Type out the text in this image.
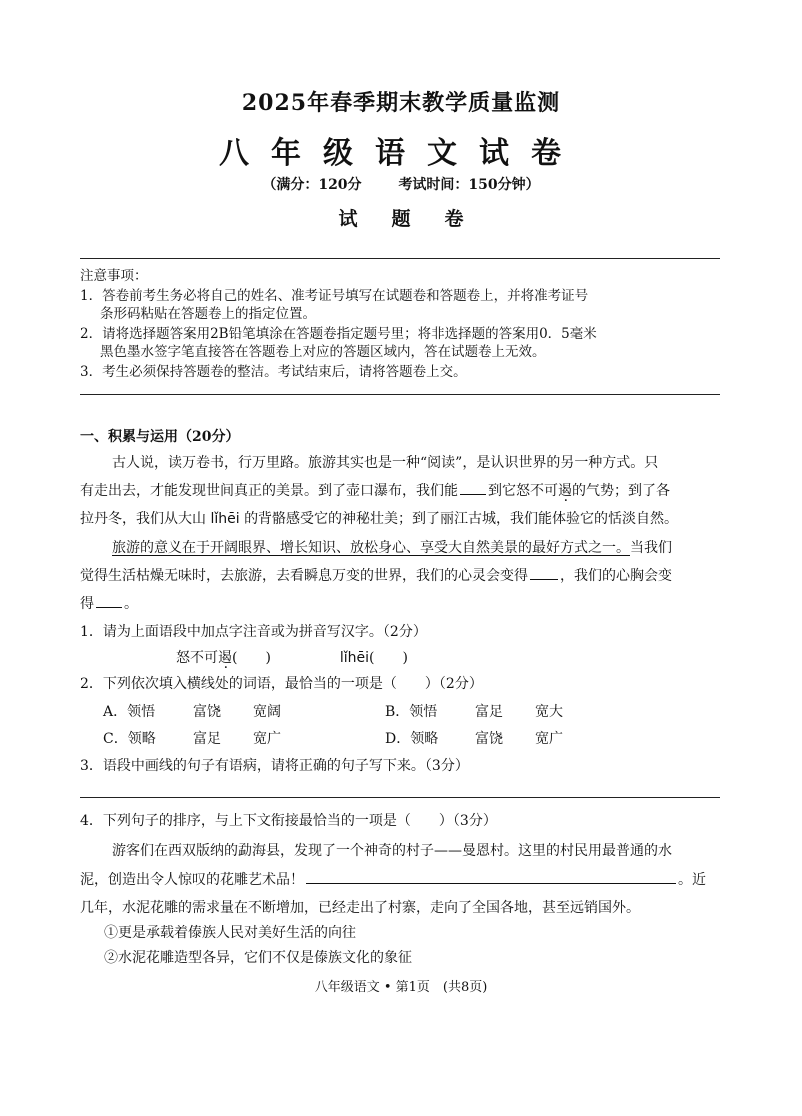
2025年春季期末教学质量监测
八年级语文试卷
（满分：120分	考试时间：150分钟）
试题卷
注意事项：
1．答卷前考生务必将自己的姓名、准考证号填写在试题卷和答题卷上，并将准考证号
条形码粘贴在答题卷上的指定位置。
2．请将选择题答案用2B铅笔填涂在答题卷指定题号里；将非选择题的答案用0．5毫米
黑色墨水签字笔直接答在答题卷上对应的答题区域内，答在试题卷上无效。
3．考生必须保持答题卷的整洁。考试结束后，请将答题卷上交。
一、积累与运用（20分）
古人说，读万卷书，行万里路。旅游其实也是一种“阅读”，是认识世界的另一种方式。只
有走出去，才能发现世间真正的美景。到了壶口瀑布，我们能 到它怒不可遏的气势；到了各
拉丹冬，我们从大山 lǐhēi 的背骼感受它的神秘壮美；到了丽江古城，我们能体验它的恬淡自然。
旅游的意义在于开阔眼界、增长知识、放松身心、享受大自然美景的最好方式之一。当我们
觉得生活枯燥无味时，去旅游，去看瞬息万变的世界，我们的心灵会变得 ，我们的心胸会变
得 。
1．请为上面语段中加点字注音或为拼音写汉字。（2分）
怒不可遏(　　)	lǐhēi(　　)
2．下列依次填入横线处的词语，最恰当的一项是（　　）（2分）
A．领悟	富饶 宽阔	B．领悟	富足 宽大
C．领略	富足 宽广	D．领略	富饶 宽广
3．语段中画线的句子有语病，请将正确的句子写下来。（3分）
4．下列句子的排序，与上下文衔接最恰当的一项是（　　）（3分）
游客们在西双版纳的勐海县，发现了一个神奇的村子——曼恩村。这里的村民用最普通的水
泥，创造出令人惊叹的花雕艺术品！	。近
几年，水泥花雕的需求量在不断增加，已经走出了村寨，走向了全国各地，甚至远销国外。
①更是承载着傣族人民对美好生活的向往
②水泥花雕造型各异，它们不仅是傣族文化的象征
八年级语文 • 第1页　(共8页)
